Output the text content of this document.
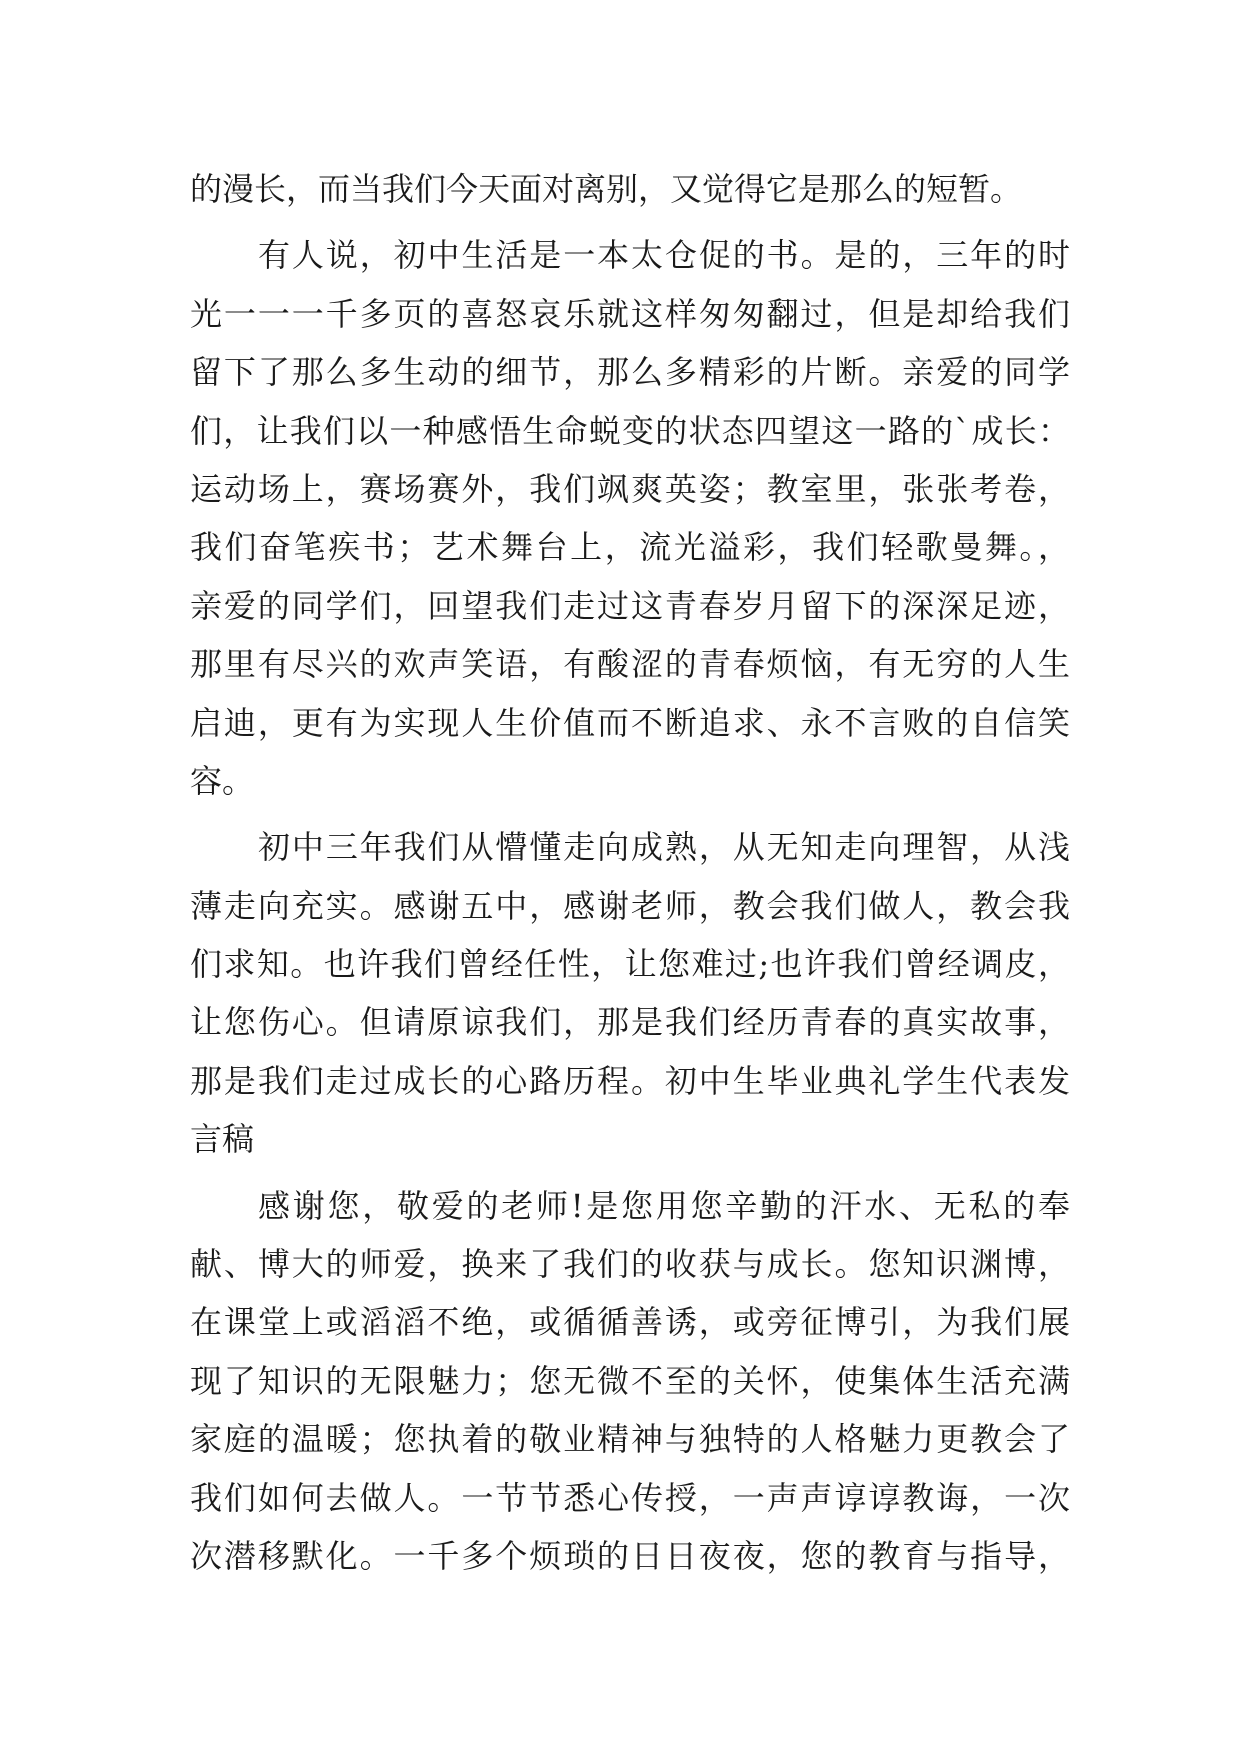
的漫长，而当我们今天面对离别，又觉得它是那么的短暂。
有人说，初中生活是一本太仓促的书。是的，三年的时
光一一一千多页的喜怒哀乐就这样匆匆翻过，但是却给我们
留下了那么多生动的细节，那么多精彩的片断。亲爱的同学
们，让我们以一种感悟生命蜕变的状态四望这一路的`成长：
运动场上，赛场赛外，我们飒爽英姿；教室里，张张考卷，
我们奋笔疾书；艺术舞台上，流光溢彩，我们轻歌曼舞。，
亲爱的同学们，回望我们走过这青春岁月留下的深深足迹，
那里有尽兴的欢声笑语，有酸涩的青春烦恼，有无穷的人生
启迪，更有为实现人生价值而不断追求、永不言败的自信笑
容。
初中三年我们从懵懂走向成熟，从无知走向理智，从浅
薄走向充实。感谢五中，感谢老师，教会我们做人，教会我
们求知。也许我们曾经任性，让您难过;也许我们曾经调皮，
让您伤心。但请原谅我们，那是我们经历青春的真实故事，
那是我们走过成长的心路历程。初中生毕业典礼学生代表发
言稿
感谢您，敬爱的老师!是您用您辛勤的汗水、无私的奉
献、博大的师爱，换来了我们的收获与成长。您知识渊博，
在课堂上或滔滔不绝，或循循善诱，或旁征博引，为我们展
现了知识的无限魅力；您无微不至的关怀，使集体生活充满
家庭的温暖；您执着的敬业精神与独特的人格魅力更教会了
我们如何去做人。一节节悉心传授，一声声谆谆教诲，一次
次潜移默化。一千多个烦琐的日日夜夜，您的教育与指导，
